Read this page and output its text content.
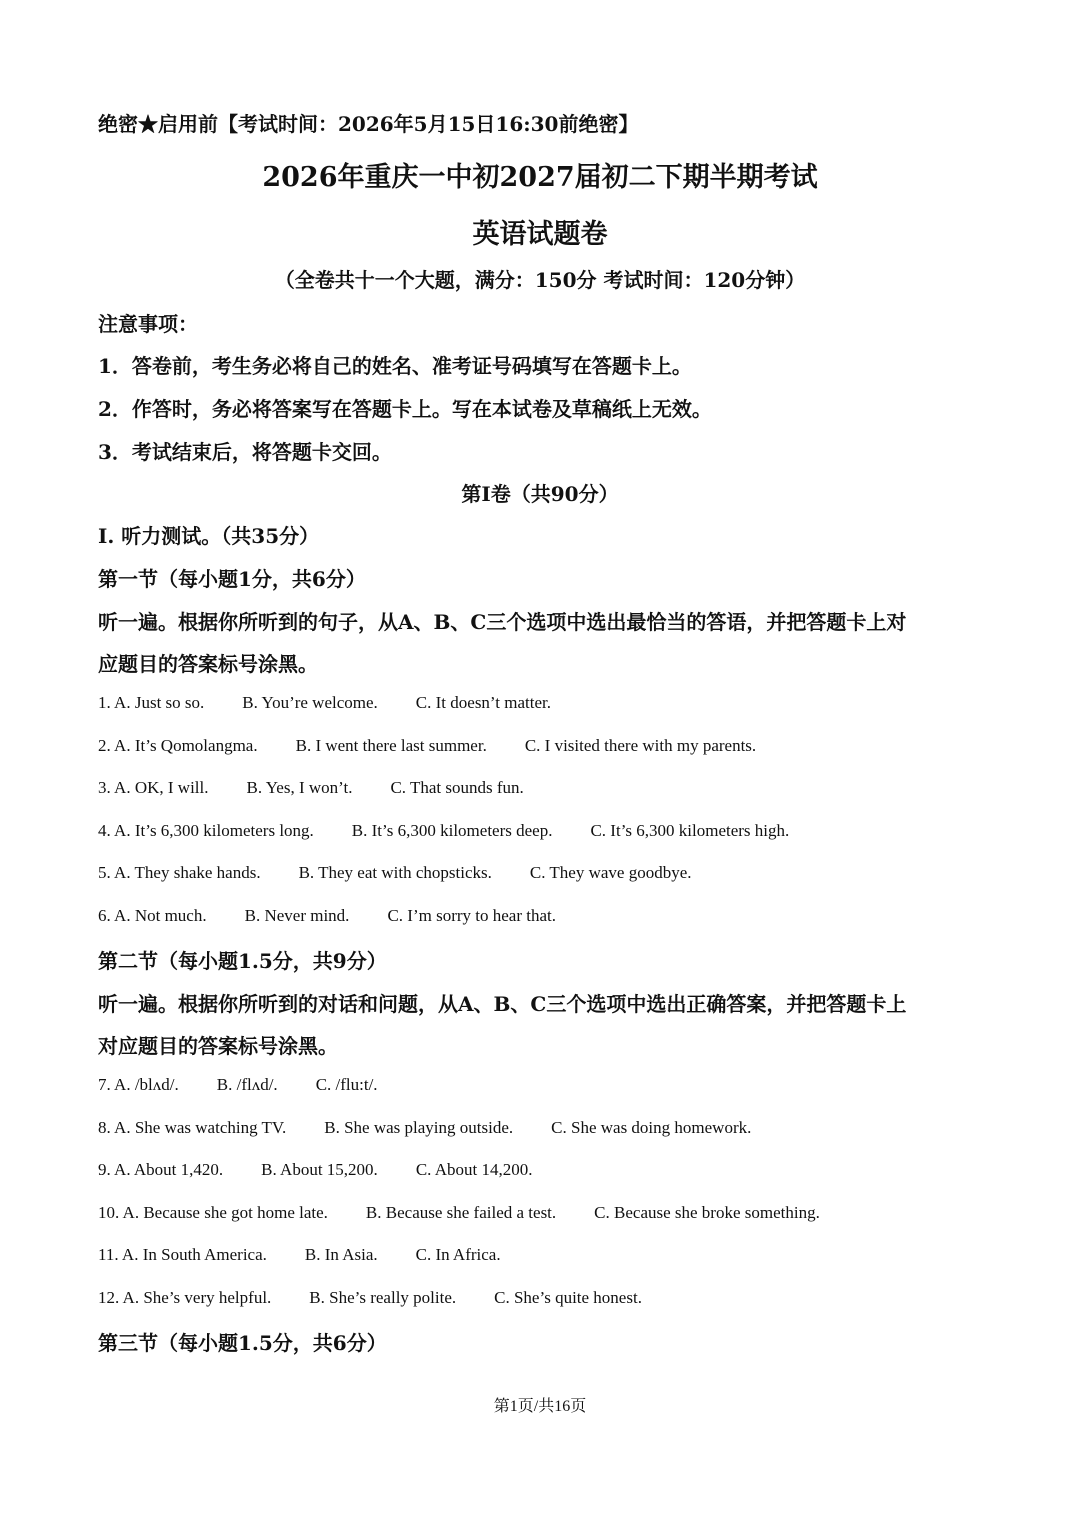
绝密★启用前【考试时间：2026年5月15日16:30前绝密】
2026年重庆一中初2027届初二下期半期考试
英语试题卷
（全卷共十一个大题，满分：150分 考试时间：120分钟）
注意事项：
1．答卷前，考生务必将自己的姓名、准考证号码填写在答题卡上。
2．作答时，务必将答案写在答题卡上。写在本试卷及草稿纸上无效。
3．考试结束后，将答题卡交回。
第I卷（共90分）
I. 听力测试。（共35分）
第一节（每小题1分，共6分）
听一遍。根据你所听到的句子，从A、B、C三个选项中选出最恰当的答语，并把答题卡上对
应题目的答案标号涂黑。
1. A. Just so so. B. You’re welcome. C. It doesn’t matter.
2. A. It’s Qomolangma. B. I went there last summer. C. I visited there with my parents.
3. A. OK, I will. B. Yes, I won’t. C. That sounds fun.
4. A. It’s 6,300 kilometers long. B. It’s 6,300 kilometers deep. C. It’s 6,300 kilometers high.
5. A. They shake hands. B. They eat with chopsticks. C. They wave goodbye.
6. A. Not much. B. Never mind. C. I’m sorry to hear that.
第二节（每小题1.5分，共9分）
听一遍。根据你所听到的对话和问题，从A、B、C三个选项中选出正确答案，并把答题卡上
对应题目的答案标号涂黑。
7. A. /blʌd/. B. /flʌd/. C. /flu:t/.
8. A. She was watching TV. B. She was playing outside. C. She was doing homework.
9. A. About 1,420. B. About 15,200. C. About 14,200.
10. A. Because she got home late. B. Because she failed a test. C. Because she broke something.
11. A. In South America. B. In Asia. C. In Africa.
12. A. She’s very helpful. B. She’s really polite. C. She’s quite honest.
第三节（每小题1.5分，共6分）
第1页/共16页
